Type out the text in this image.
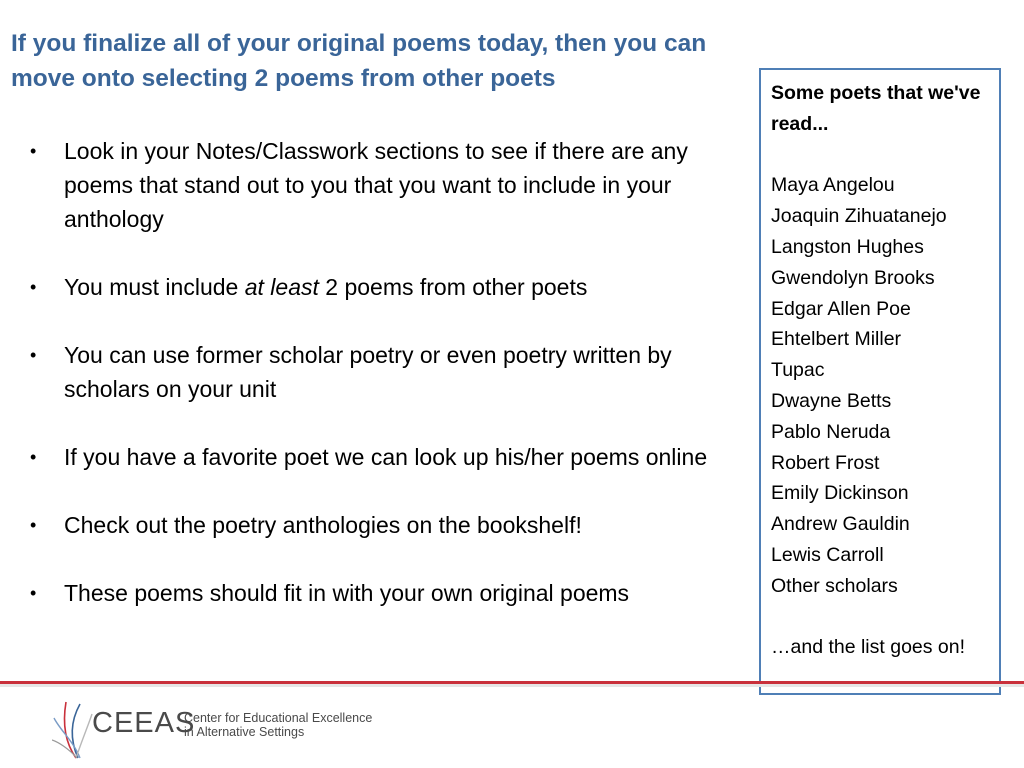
If you finalize all of your original poems today, then you can move onto selecting 2 poems from other poets
• Look in your Notes/Classwork sections to see if there are any poems that stand out to you that you want to include in your anthology
• You must include at least 2 poems from other poets
• You can use former scholar poetry or even poetry written by scholars on your unit
• If you have a favorite poet we can look up his/her poems online
• Check out the poetry anthologies on the bookshelf!
• These poems should fit in with your own original poems

Some poets that we've read...

Maya Angelou
Joaquin Zihuatanejo
Langston Hughes
Gwendolyn Brooks
Edgar Allen Poe
Ehtelbert Miller
Tupac
Dwayne Betts
Pablo Neruda
Robert Frost
Emily Dickinson
Andrew Gauldin
Lewis Carroll
Other scholars

…and the list goes on!

CEEAS
Center for Educational Excellence
in Alternative Settings
